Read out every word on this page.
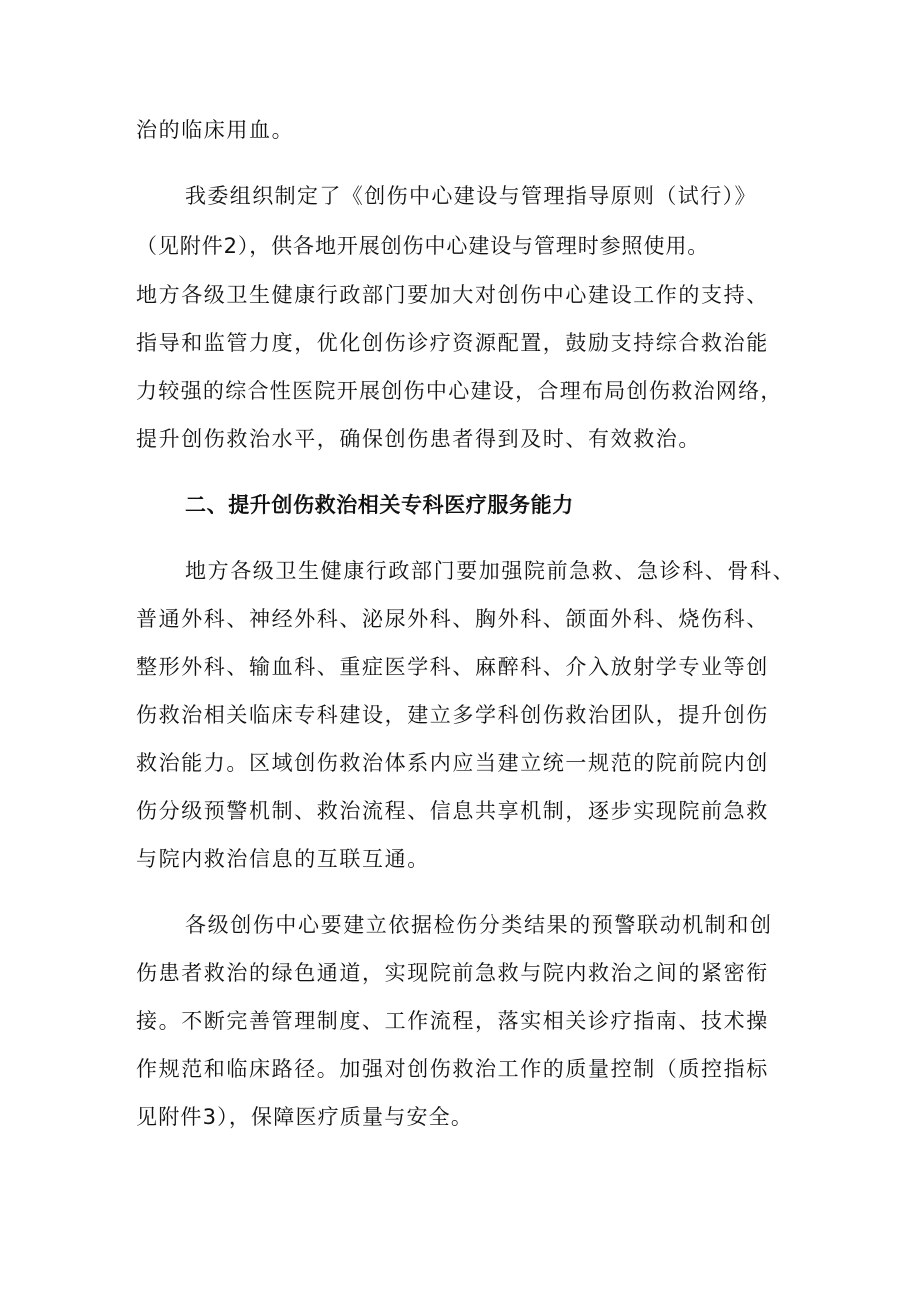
治的临床用血。
我委组织制定了《创伤中心建设与管理指导原则（试行）》
（见附件2），供各地开展创伤中心建设与管理时参照使用。
地方各级卫生健康行政部门要加大对创伤中心建设工作的支持、
指导和监管力度，优化创伤诊疗资源配置，鼓励支持综合救治能
力较强的综合性医院开展创伤中心建设，合理布局创伤救治网络，
提升创伤救治水平，确保创伤患者得到及时、有效救治。
二、提升创伤救治相关专科医疗服务能力
地方各级卫生健康行政部门要加强院前急救、急诊科、骨科、
普通外科、神经外科、泌尿外科、胸外科、颌面外科、烧伤科、
整形外科、输血科、重症医学科、麻醉科、介入放射学专业等创
伤救治相关临床专科建设，建立多学科创伤救治团队，提升创伤
救治能力。区域创伤救治体系内应当建立统一规范的院前院内创
伤分级预警机制、救治流程、信息共享机制，逐步实现院前急救
与院内救治信息的互联互通。
各级创伤中心要建立依据检伤分类结果的预警联动机制和创
伤患者救治的绿色通道，实现院前急救与院内救治之间的紧密衔
接。不断完善管理制度、工作流程，落实相关诊疗指南、技术操
作规范和临床路径。加强对创伤救治工作的质量控制（质控指标
见附件3），保障医疗质量与安全。
